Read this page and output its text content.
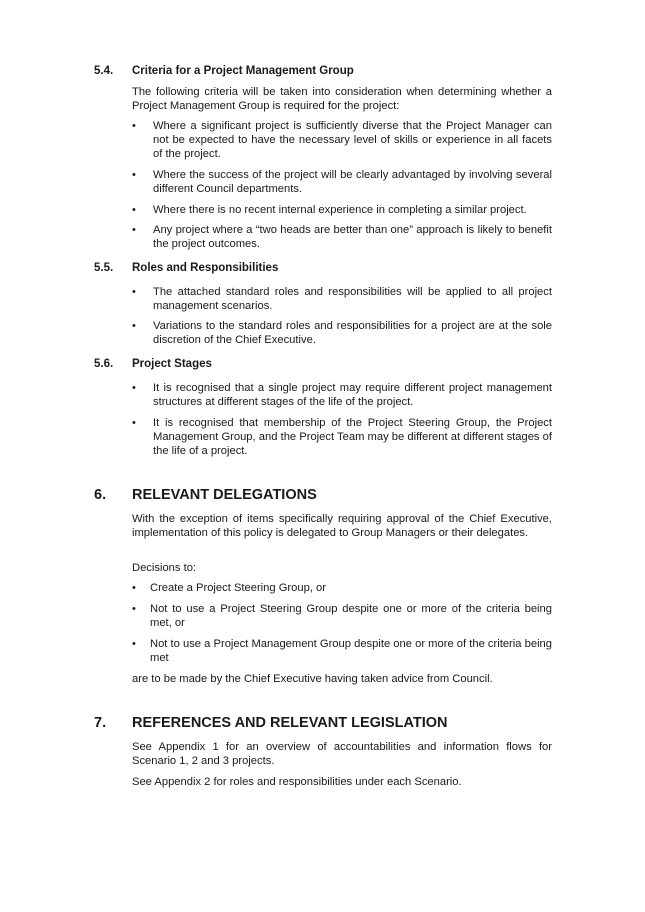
5.4. Criteria for a Project Management Group
The following criteria will be taken into consideration when determining whether a Project Management Group is required for the project:
• Where a significant project is sufficiently diverse that the Project Manager can not be expected to have the necessary level of skills or experience in all facets of the project.
• Where the success of the project will be clearly advantaged by involving several different Council departments.
• Where there is no recent internal experience in completing a similar project.
• Any project where a “two heads are better than one” approach is likely to benefit the project outcomes.
5.5. Roles and Responsibilities
• The attached standard roles and responsibilities will be applied to all project management scenarios.
• Variations to the standard roles and responsibilities for a project are at the sole discretion of the Chief Executive.
5.6. Project Stages
• It is recognised that a single project may require different project management structures at different stages of the life of the project.
• It is recognised that membership of the Project Steering Group, the Project Management Group, and the Project Team may be different at different stages of the life of a project.
6. RELEVANT DELEGATIONS
With the exception of items specifically requiring approval of the Chief Executive, implementation of this policy is delegated to Group Managers or their delegates.
Decisions to:
• Create a Project Steering Group, or
• Not to use a Project Steering Group despite one or more of the criteria being met, or
• Not to use a Project Management Group despite one or more of the criteria being met
are to be made by the Chief Executive having taken advice from Council.
7. REFERENCES AND RELEVANT LEGISLATION
See Appendix 1 for an overview of accountabilities and information flows for Scenario 1, 2 and 3 projects.
See Appendix 2 for roles and responsibilities under each Scenario.
